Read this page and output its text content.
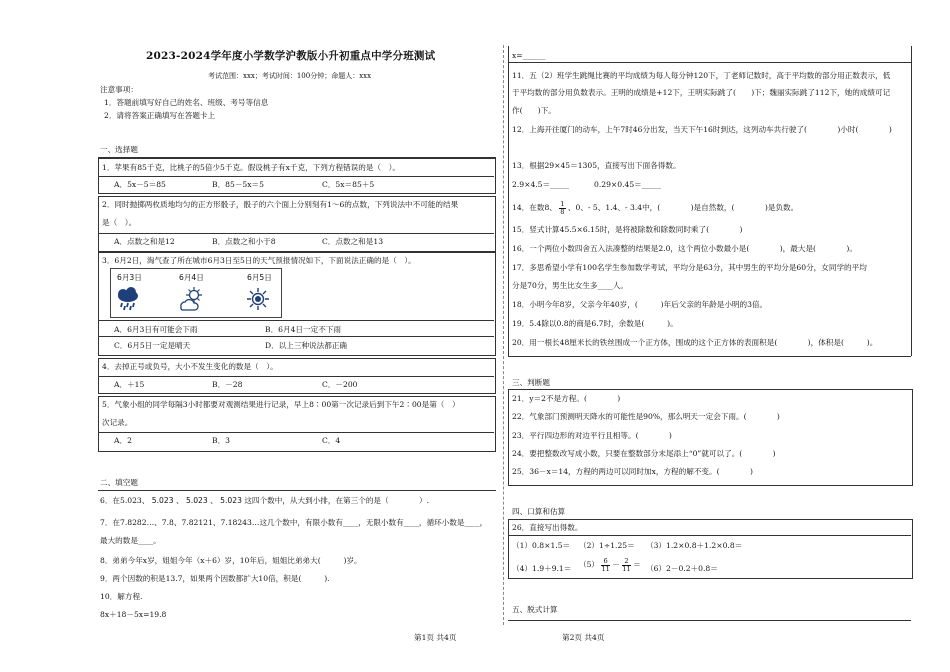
2023-2024学年度小学数学沪教版小升初重点中学分班测试
考试范围：xxx；考试时间：100分钟；命题人：xxx
注意事项：
1．答题前填写好自己的姓名、班级、考号等信息
2．请将答案正确填写在答题卡上
一、选择题
1．苹果有85千克，比桃子的5倍少5千克。假设桃子有x千克，下列方程错误的是（　）。
A．5x－5＝85	B．85－5x＝5	C．5x＝85＋5
2．同时抛掷两枚质地均匀的正方形骰子，骰子的六个面上分别刻有1～6的点数，下列说法中不可能的结果
是（　）。
A．点数之和是12	B．点数之和小于8	C．点数之和是13
3．6月2日，淘气查了所在城市6月3日至5日的天气预报情况如下，下面说法正确的是（　）。
6月3日	6月4日	6月5日
A．6月3日有可能会下雨	B．6月4日一定不下雨
C．6月5日一定是晴天	D．以上三种说法都正确
4．去掉正号或负号，大小不发生变化的数是（　）。
A．＋15	B．－28	C．－200
5．气象小组的同学每隔3小时都要对观测结果进行记录，早上8∶00第一次记录后到下午2∶00是第（　）
次记录。
A．2	B．3	C．4
二、填空题
6．在5.023、 5.023 、 5.023 、 5.023 这四个数中，从大到小排，在第三个的是（　　　　）.
7．在7.8282…、7.8、7.82121、7.18243…这几个数中，有限小数有____，无限小数有____，循环小数是____，
最大的数是____。
8．弟弟今年x岁，姐姐今年（x＋6）岁，10年后，姐姐比弟弟大(　　　)岁。
9．两个因数的积是13.7，如果两个因数都扩大10倍，积是(　　　).
10．解方程.
8x＋18－5x=19.8
x=______
11．五（2）班学生跳绳比赛的平均成绩为每人每分钟120下，丁老师记数时，高于平均数的部分用正数表示，低
于平均数的部分用负数表示。王明的成绩是+12下，王明实际跳了(　　)下；魏丽实际跳了112下，她的成绩可记
作(　　)下。
12．上海开往厦门的动车，上午7时46分出发，当天下午16时到达，这列动车共行驶了(　　　　)小时(　　　　)
13．根据29×45＝1305，直接写出下面各得数。
2.9×4.5＝_____	0.29×0.45＝_____
14．在数8、 $\frac{1}{8}$ 、0、- 5、1.4、- 3.4中，(　　　　)是自然数，(　　　　)是负数。
15．竖式计算45.5×6.15时，是将被除数和除数同时乘了(　　　　)
16．一个两位小数四舍五入法凑整的结果是2.0，这个两位小数最小是(　　　　)，最大是(　　　　)。
17．多思希望小学有100名学生参加数学考试，平均分是63分，其中男生的平均分是60分，女同学的平均
分是70分，男生比女生多____人。
18．小明今年8岁，父亲今年40岁，(　　　)年后父亲的年龄是小明的3倍。
19．5.4除以0.8的商是6.7时，余数是(　　　)。
20．用一根长48厘米长的铁丝围成一个正方体，围成的这个正方体的表面积是(　　　　)，体积是(　　　)。
三、判断题
21．y＝2不是方程。(　　　　)
22．气象部门预测明天降水的可能性是90%，那么明天一定会下雨。(　　　　)
23．平行四边形的对边平行且相等。(　　　　)
24．要把整数改写成小数，只要在整数部分末尾添上“0”就可以了。(　　　　)
25．36－x＝14，方程的两边可以同时加x，方程的解不变。(　　　　)
四、口算和估算
26．直接写出得数。
（1）0.8×1.5＝ （2）1÷1.25＝ （3）1.2×0.8＋1.2×0.8＝
$(4)1.9+9.1= (5) \frac{6}{11} - \frac{2}{11} = (6)2-0.2+0.8=$
五、脱式计算
第1页 共4页	第2页 共4页
